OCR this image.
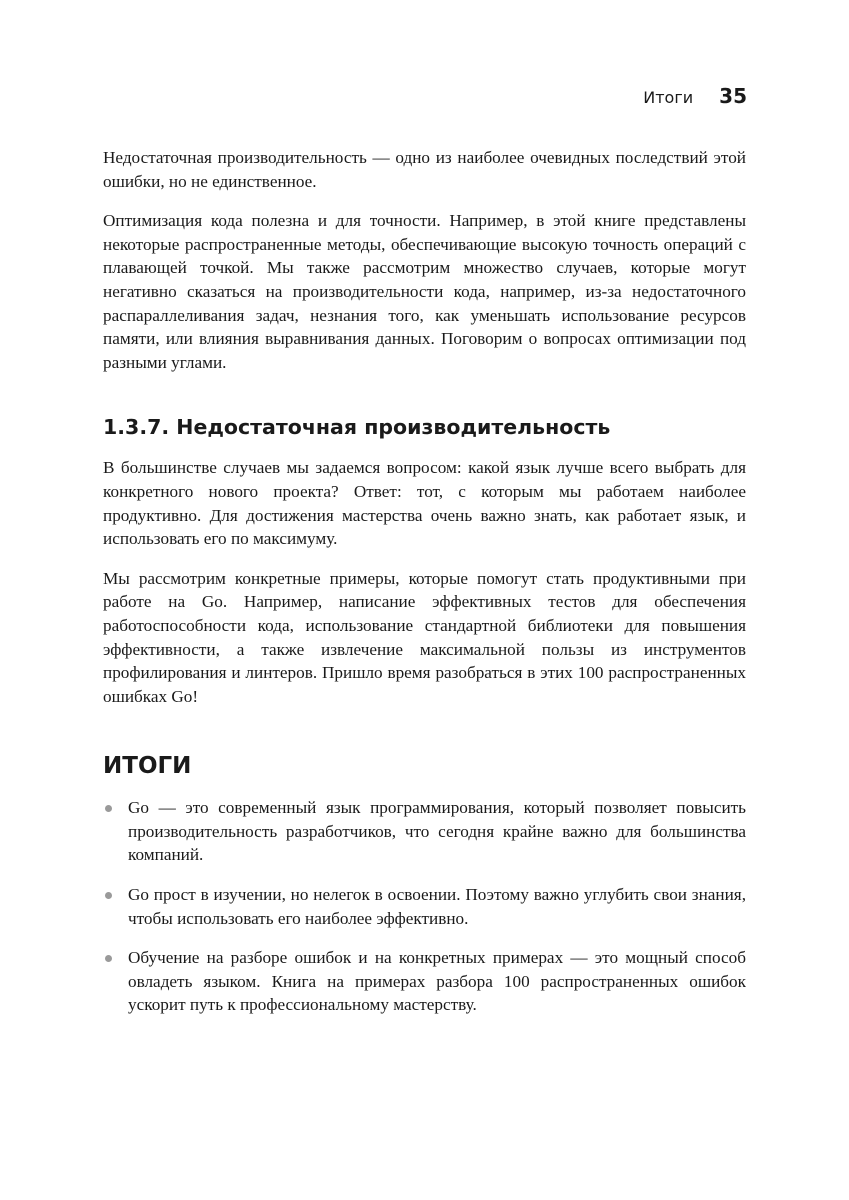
Итоги 35

Недостаточная производительность — одно из наиболее очевидных последствий этой ошибки, но не единственное.

Оптимизация кода полезна и для точности. Например, в этой книге представлены некоторые распространенные методы, обеспечивающие высокую точность операций с плавающей точкой. Мы также рассмотрим множество случаев, которые могут негативно сказаться на производительности кода, например, из-за недостаточного распараллеливания задач, незнания того, как уменьшать использование ресурсов памяти, или влияния выравнивания данных. Поговорим о вопросах оптимизации под разными углами.

1.3.7. Недостаточная производительность

В большинстве случаев мы задаемся вопросом: какой язык лучше всего выбрать для конкретного нового проекта? Ответ: тот, с которым мы работаем наиболее продуктивно. Для достижения мастерства очень важно знать, как работает язык, и использовать его по максимуму.

Мы рассмотрим конкретные примеры, которые помогут стать продуктивными при работе на Go. Например, написание эффективных тестов для обеспечения работоспособности кода, использование стандартной библиотеки для повышения эффективности, а также извлечение максимальной пользы из инструментов профилирования и линтеров. Пришло время разобраться в этих 100 распространенных ошибках Go!

ИТОГИ
Go — это современный язык программирования, который позволяет повысить производительность разработчиков, что сегодня крайне важно для большинства компаний.
Go прост в изучении, но нелегок в освоении. Поэтому важно углубить свои знания, чтобы использовать его наиболее эффективно.
Обучение на разборе ошибок и на конкретных примерах — это мощный способ овладеть языком. Книга на примерах разбора 100 распространенных ошибок ускорит путь к профессиональному мастерству.
